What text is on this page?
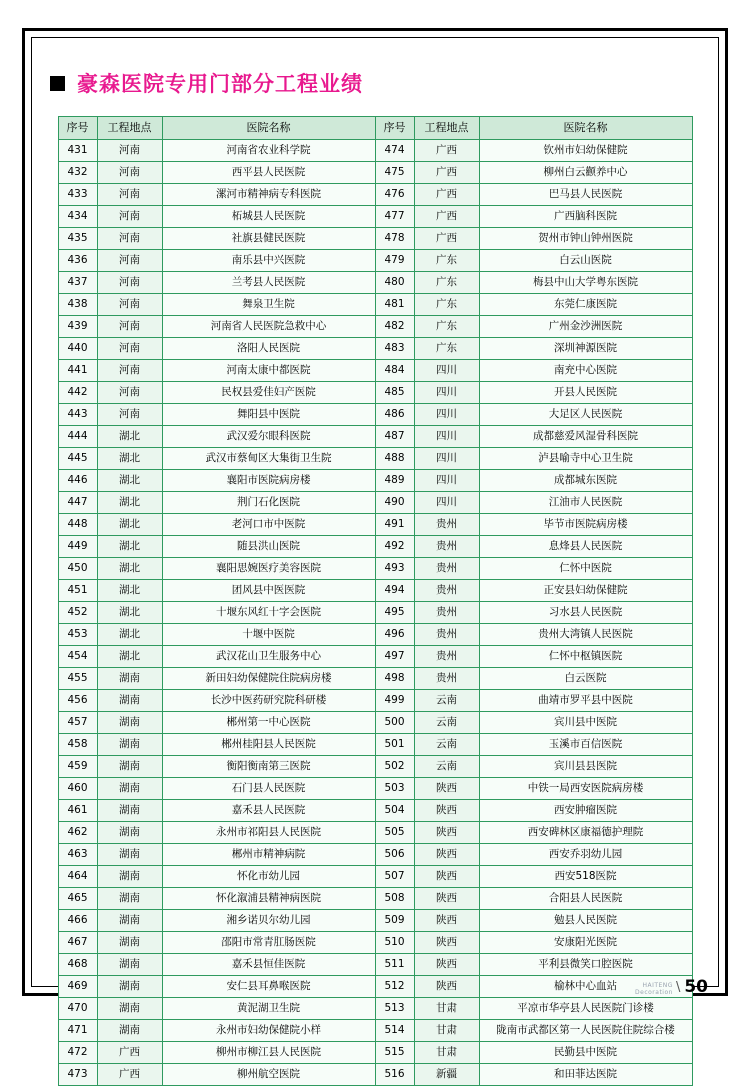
豪森医院专用门部分工程业绩
序号	工程地点	医院名称	序号	工程地点	医院名称
431	河南	河南省农业科学院	474	广西	钦州市妇幼保健院
432	河南	西平县人民医院	475	广西	柳州白云颧养中心
433	河南	漯河市精神病专科医院	476	广西	巴马县人民医院
434	河南	柘城县人民医院	477	广西	广西脑科医院
435	河南	社旗县健民医院	478	广西	贺州市钟山钟州医院
436	河南	南乐县中兴医院	479	广东	白云山医院
437	河南	兰考县人民医院	480	广东	梅县中山大学粤东医院
438	河南	舞泉卫生院	481	广东	东莞仁康医院
439	河南	河南省人民医院急救中心	482	广东	广州金沙洲医院
440	河南	洛阳人民医院	483	广东	深圳神源医院
441	河南	河南太康中都医院	484	四川	南充中心医院
442	河南	民权县爱佳妇产医院	485	四川	开县人民医院
443	河南	舞阳县中医院	486	四川	大足区人民医院
444	湖北	武汉爱尔眼科医院	487	四川	成都慈爱风湿骨科医院
445	湖北	武汉市蔡甸区大集街卫生院	488	四川	泸县喻寺中心卫生院
446	湖北	襄阳市医院病房楼	489	四川	成都城东医院
447	湖北	荆门石化医院	490	四川	江油市人民医院
448	湖北	老河口市中医院	491	贵州	毕节市医院病房楼
449	湖北	随县洪山医院	492	贵州	息烽县人民医院
450	湖北	襄阳思婉医疗美容医院	493	贵州	仁怀中医院
451	湖北	团风县中医医院	494	贵州	正安县妇幼保健院
452	湖北	十堰东风红十字会医院	495	贵州	习水县人民医院
453	湖北	十堰中医院	496	贵州	贵州大湾镇人民医院
454	湖北	武汉花山卫生服务中心	497	贵州	仁怀中枢镇医院
455	湖南	新田妇幼保健院住院病房楼	498	贵州	白云医院
456	湖南	长沙中医药研究院科研楼	499	云南	曲靖市罗平县中医院
457	湖南	郴州第一中心医院	500	云南	宾川县中医院
458	湖南	郴州桂阳县人民医院	501	云南	玉溪市百信医院
459	湖南	衡阳衡南第三医院	502	云南	宾川县县医院
460	湖南	石门县人民医院	503	陕西	中铁一局西安医院病房楼
461	湖南	嘉禾县人民医院	504	陕西	西安肿瘤医院
462	湖南	永州市祁阳县人民医院	505	陕西	西安碑林区康福德护理院
463	湖南	郴州市精神病院	506	陕西	西安乔羽幼儿园
464	湖南	怀化市幼儿园	507	陕西	西安518医院
465	湖南	怀化溆浦县精神病医院	508	陕西	合阳县人民医院
466	湖南	湘乡诺贝尔幼儿园	509	陕西	勉县人民医院
467	湖南	邵阳市常青肛肠医院	510	陕西	安康阳光医院
468	湖南	嘉禾县恒佳医院	511	陕西	平利县微笑口腔医院
469	湖南	安仁县耳鼻喉医院	512	陕西	榆林中心血站
470	湖南	黄泥湖卫生院	513	甘肃	平凉市华亭县人民医院门诊楼
471	湖南	永州市妇幼保健院小样	514	甘肃	陇南市武都区第一人民医院住院综合楼
472	广西	柳州市柳江县人民医院	515	甘肃	民勤县中医院
473	广西	柳州航空医院	516	新疆	和田菲达医院
HAITENG
Decoration \ 50
